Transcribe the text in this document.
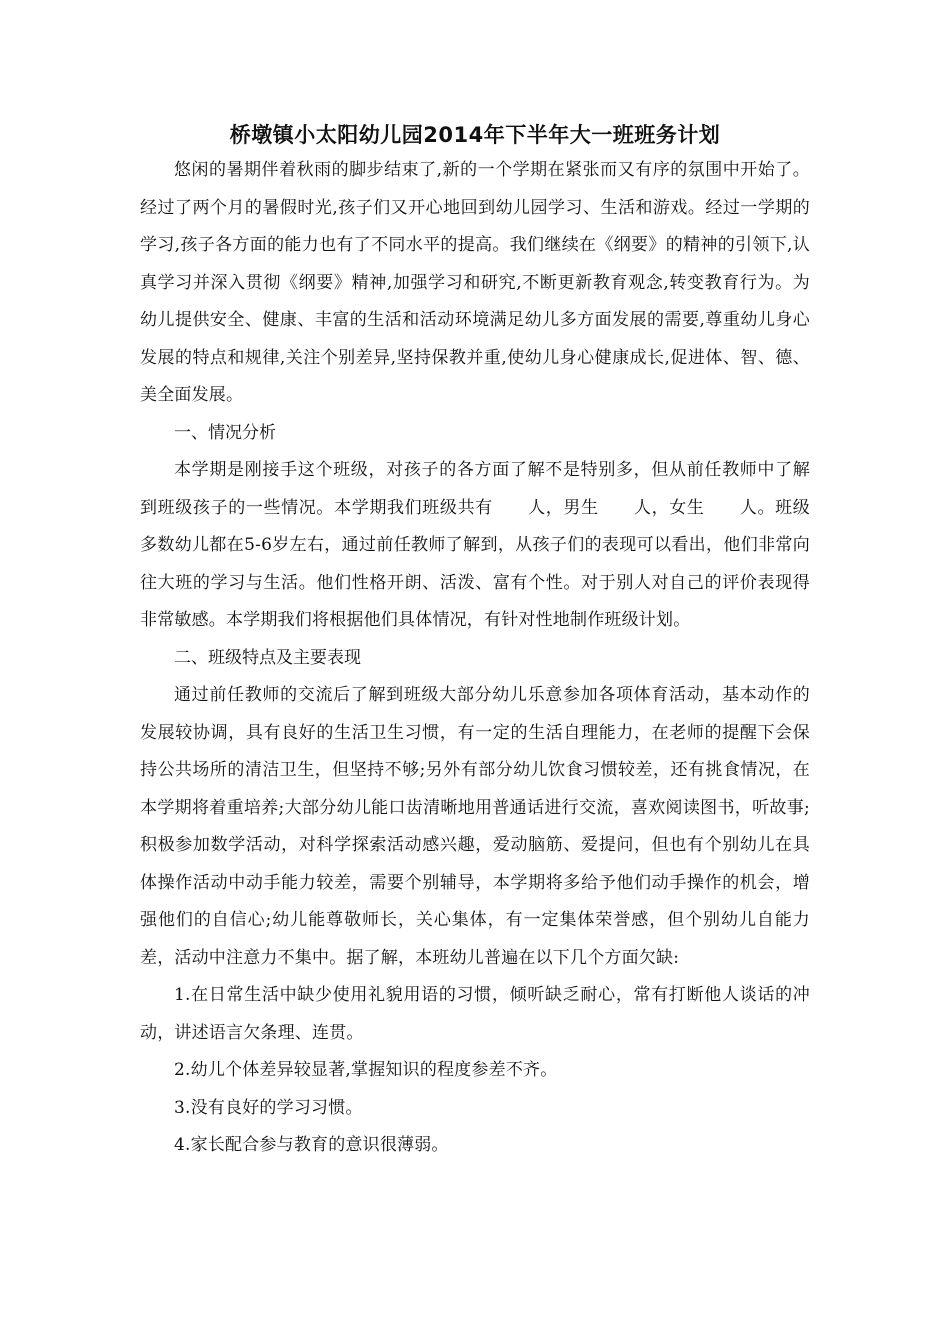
桥墩镇小太阳幼儿园2014年下半年大一班班务计划

悠闲的暑期伴着秋雨的脚步结束了,新的一个学期在紧张而又有序的氛围中开始了。经过了两个月的暑假时光,孩子们又开心地回到幼儿园学习、生活和游戏。经过一学期的学习,孩子各方面的能力也有了不同水平的提高。我们继续在《纲要》的精神的引领下,认真学习并深入贯彻《纲要》精神,加强学习和研究,不断更新教育观念,转变教育行为。为幼儿提供安全、健康、丰富的生活和活动环境满足幼儿多方面发展的需要,尊重幼儿身心发展的特点和规律,关注个别差异,坚持保教并重,使幼儿身心健康成长,促进体、智、德、美全面发展。

一、情况分析

本学期是刚接手这个班级，对孩子的各方面了解不是特别多，但从前任教师中了解到班级孩子的一些情况。本学期我们班级共有　　人，男生　　人，女生　　人。班级多数幼儿都在5-6岁左右，通过前任教师了解到，从孩子们的表现可以看出，他们非常向往大班的学习与生活。他们性格开朗、活泼、富有个性。对于别人对自己的评价表现得非常敏感。本学期我们将根据他们具体情况，有针对性地制作班级计划。

二、班级特点及主要表现

通过前任教师的交流后了解到班级大部分幼儿乐意参加各项体育活动，基本动作的发展较协调，具有良好的生活卫生习惯，有一定的生活自理能力，在老师的提醒下会保持公共场所的清洁卫生，但坚持不够;另外有部分幼儿饮食习惯较差，还有挑食情况，在本学期将着重培养;大部分幼儿能口齿清晰地用普通话进行交流，喜欢阅读图书，听故事;积极参加数学活动，对科学探索活动感兴趣，爱动脑筋、爱提问，但也有个别幼儿在具体操作活动中动手能力较差，需要个别辅导，本学期将多给予他们动手操作的机会，增强他们的自信心;幼儿能尊敬师长，关心集体，有一定集体荣誉感，但个别幼儿自能力差，活动中注意力不集中。据了解，本班幼儿普遍在以下几个方面欠缺:

1.在日常生活中缺少使用礼貌用语的习惯，倾听缺乏耐心，常有打断他人谈话的冲动，讲述语言欠条理、连贯。

2.幼儿个体差异较显著,掌握知识的程度参差不齐。

3.没有良好的学习习惯。

4.家长配合参与教育的意识很薄弱。
